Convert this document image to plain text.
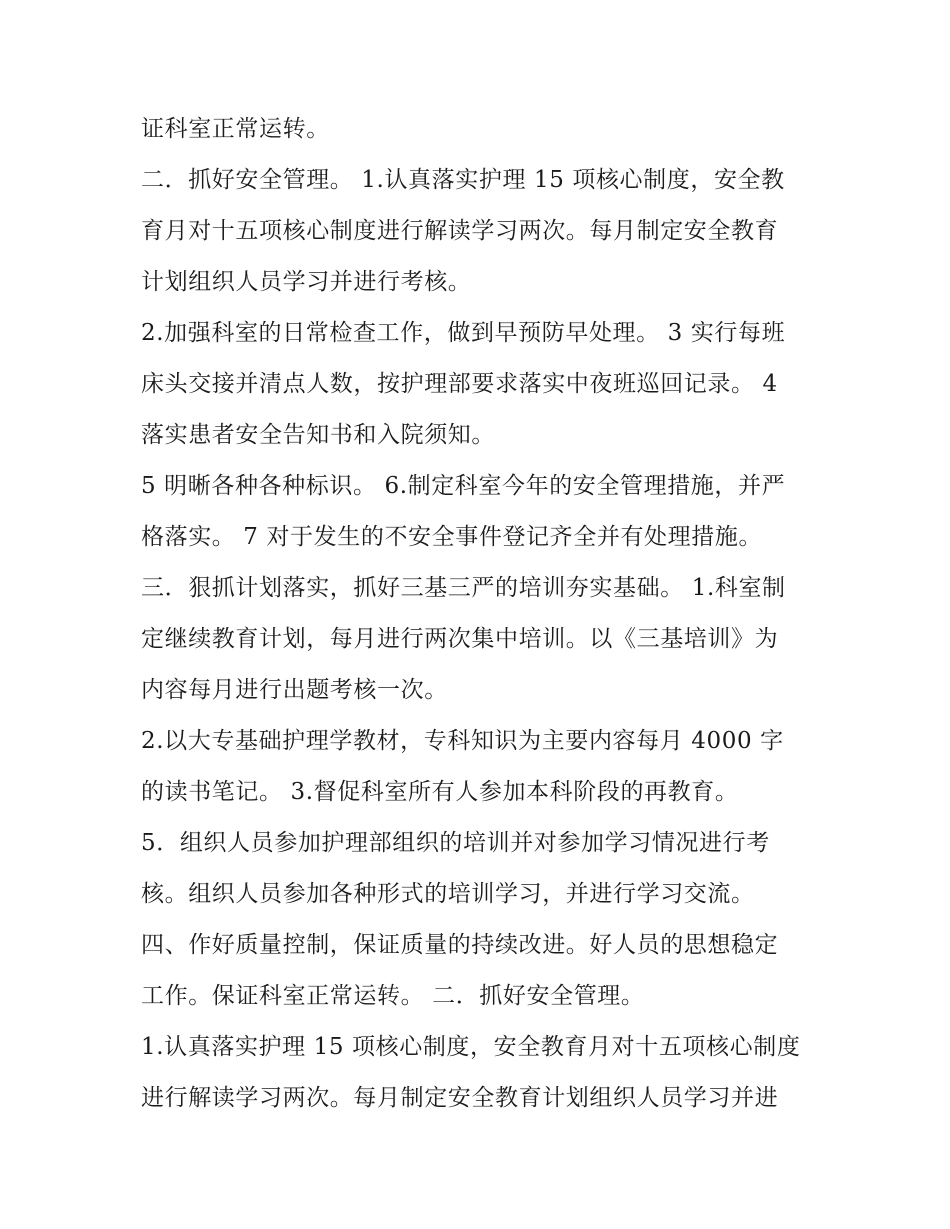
证科室正常运转。
二．抓好安全管理。 1.认真落实护理 15 项核心制度，安全教
育月对十五项核心制度进行解读学习两次。每月制定安全教育
计划组织人员学习并进行考核。
2.加强科室的日常检查工作，做到早预防早处理。 3 实行每班
床头交接并清点人数，按护理部要求落实中夜班巡回记录。 4
落实患者安全告知书和入院须知。
5 明晰各种各种标识。 6.制定科室今年的安全管理措施，并严
格落实。 7 对于发生的不安全事件登记齐全并有处理措施。
三．狠抓计划落实，抓好三基三严的培训夯实基础。 1.科室制
定继续教育计划，每月进行两次集中培训。以《三基培训》为
内容每月进行出题考核一次。
2.以大专基础护理学教材，专科知识为主要内容每月 4000 字
的读书笔记。 3.督促科室所有人参加本科阶段的再教育。
5．组织人员参加护理部组织的培训并对参加学习情况进行考
核。组织人员参加各种形式的培训学习，并进行学习交流。
四、作好质量控制，保证质量的持续改进。好人员的思想稳定
工作。保证科室正常运转。 二．抓好安全管理。
1.认真落实护理 15 项核心制度，安全教育月对十五项核心制度
进行解读学习两次。每月制定安全教育计划组织人员学习并进
